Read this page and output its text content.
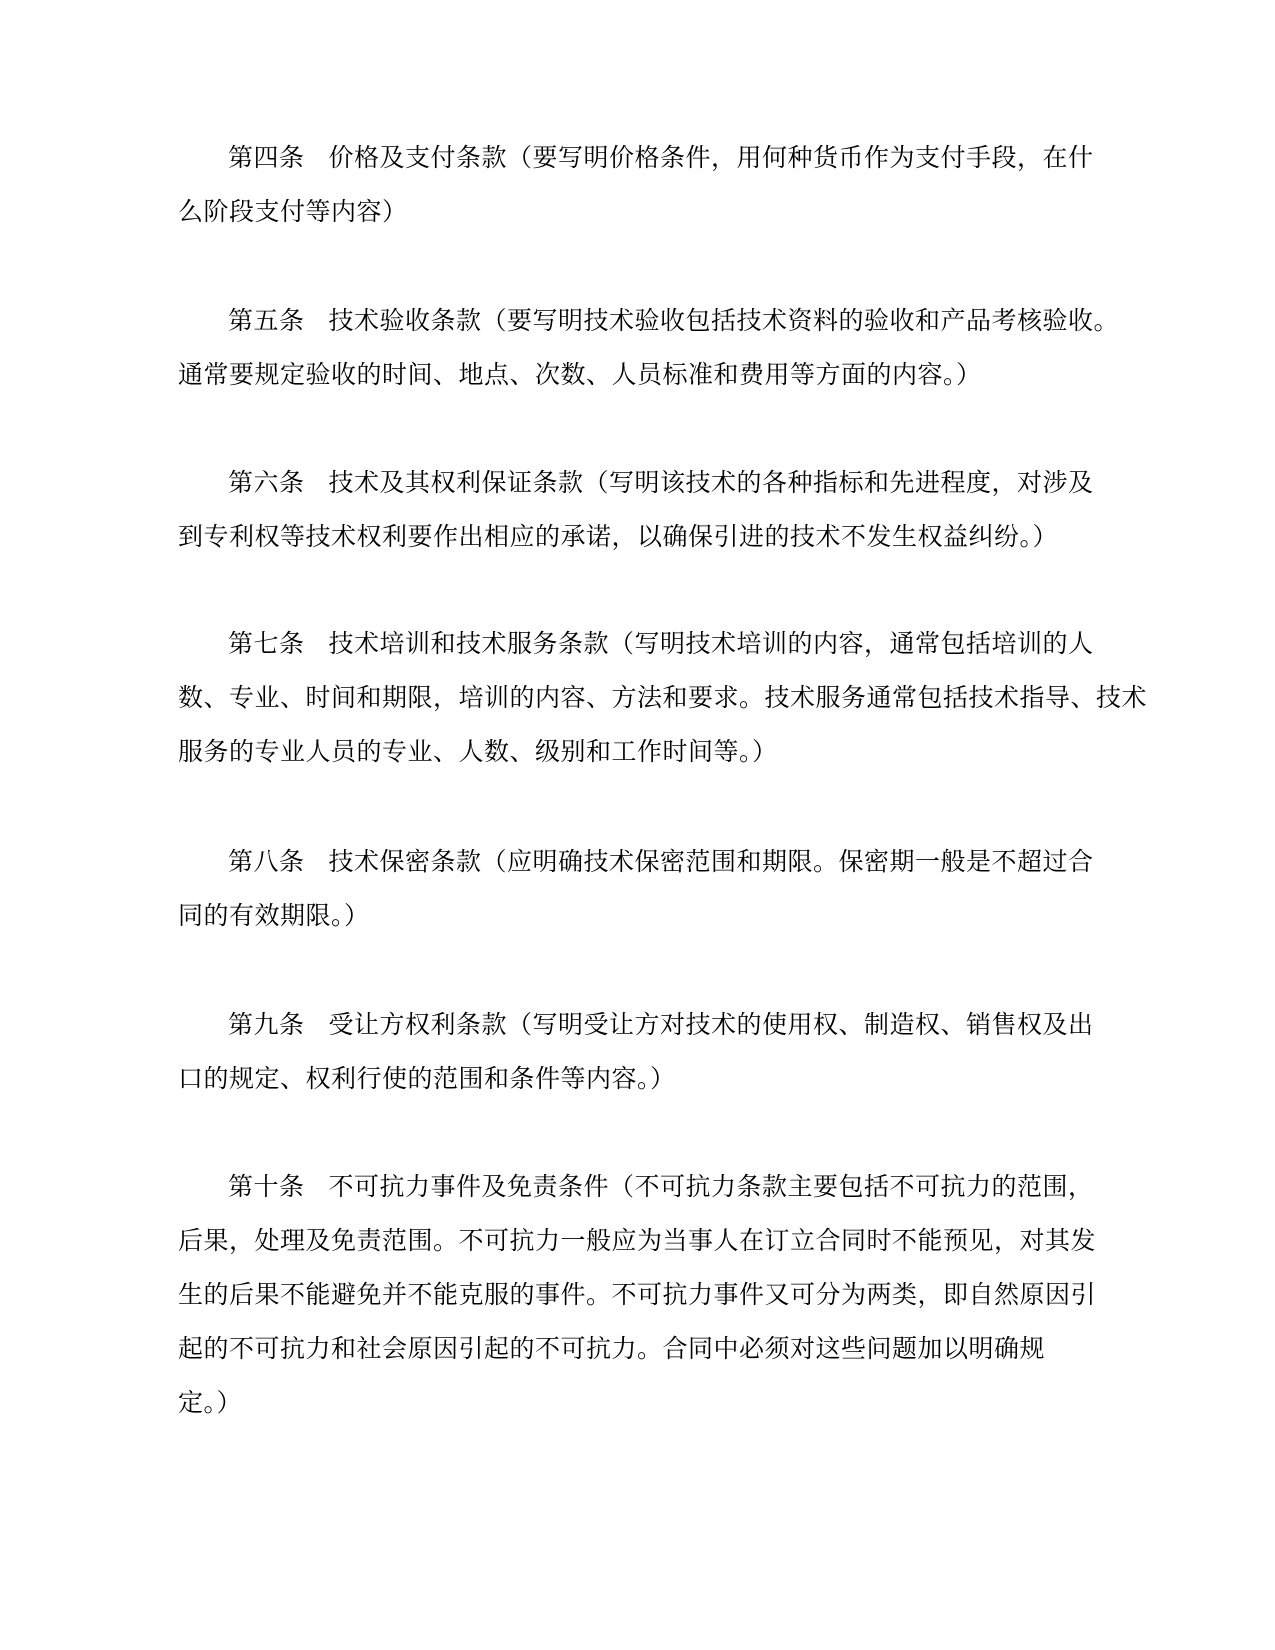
第四条 价格及支付条款（要写明价格条件，用何种货币作为支付手段，在什
么阶段支付等内容）
第五条 技术验收条款（要写明技术验收包括技术资料的验收和产品考核验收。
通常要规定验收的时间、地点、次数、人员标准和费用等方面的内容。）
第六条 技术及其权利保证条款（写明该技术的各种指标和先进程度，对涉及
到专利权等技术权利要作出相应的承诺，以确保引进的技术不发生权益纠纷。）
第七条 技术培训和技术服务条款（写明技术培训的内容，通常包括培训的人
数、专业、时间和期限，培训的内容、方法和要求。技术服务通常包括技术指导、技术
服务的专业人员的专业、人数、级别和工作时间等。）
第八条 技术保密条款（应明确技术保密范围和期限。保密期一般是不超过合
同的有效期限。）
第九条 受让方权利条款（写明受让方对技术的使用权、制造权、销售权及出
口的规定、权利行使的范围和条件等内容。）
第十条 不可抗力事件及免责条件（不可抗力条款主要包括不可抗力的范围，
后果，处理及免责范围。不可抗力一般应为当事人在订立合同时不能预见，对其发
生的后果不能避免并不能克服的事件。不可抗力事件又可分为两类，即自然原因引
起的不可抗力和社会原因引起的不可抗力。合同中必须对这些问题加以明确规
定。）
